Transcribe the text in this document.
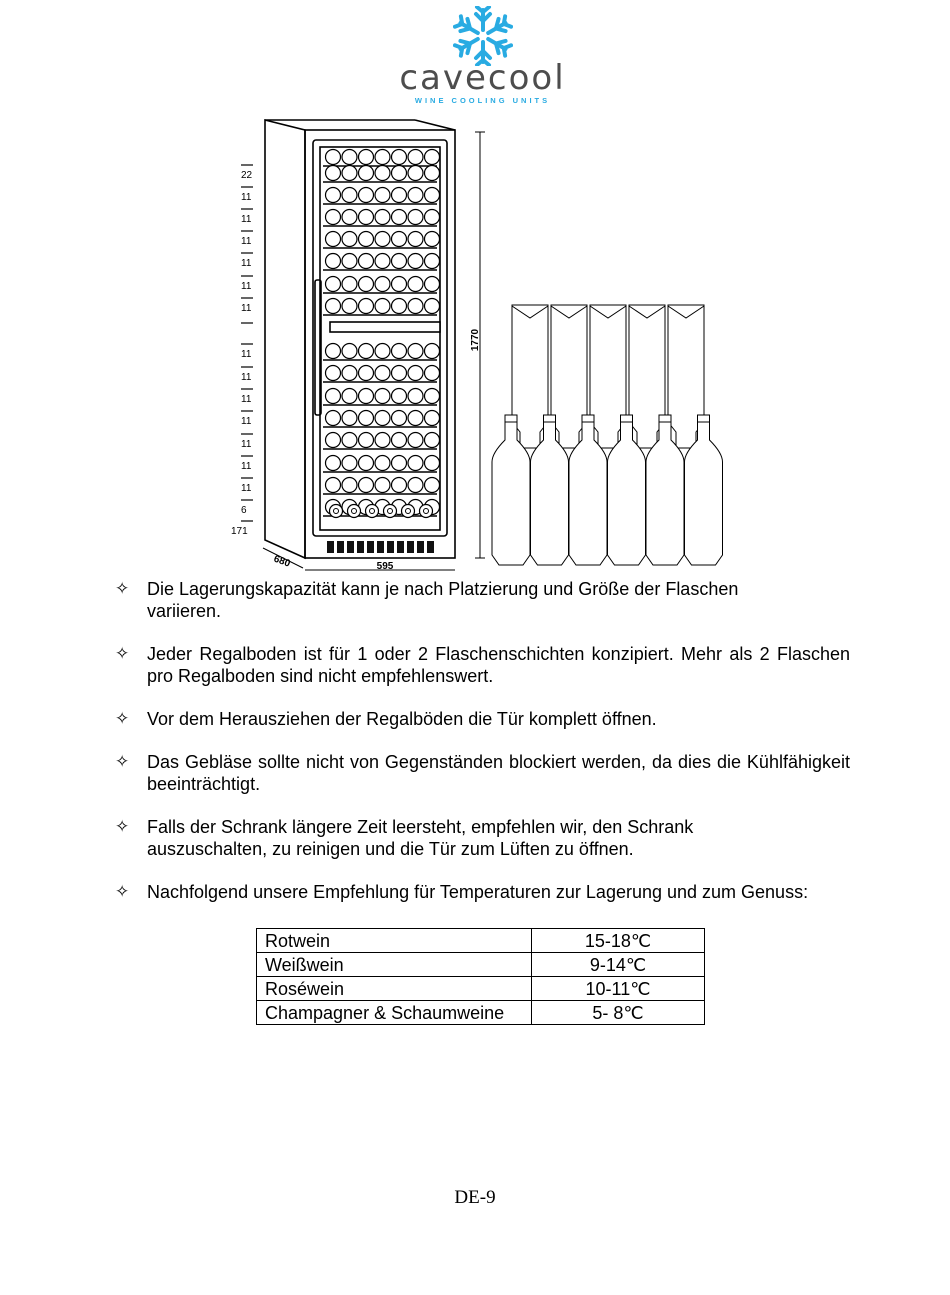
cavecool
WINE COOLING UNITS
22
11
11
11
11
11
11
11
11
11
11
11
11
11
6
171
1770
595
680
✧ Die Lagerungskapazität kann je nach Platzierung und Größe der Flaschen variieren.
✧ Jeder Regalboden ist für 1 oder 2 Flaschenschichten konzipiert. Mehr als 2 Flaschen pro Regalboden sind nicht empfehlenswert.
✧ Vor dem Herausziehen der Regalböden die Tür komplett öffnen.
✧ Das Gebläse sollte nicht von Gegenständen blockiert werden, da dies die Kühlfähigkeit beeinträchtigt.
✧ Falls der Schrank längere Zeit leersteht, empfehlen wir, den Schrank auszuschalten, zu reinigen und die Tür zum Lüften zu öffnen.
✧ Nachfolgend unsere Empfehlung für Temperaturen zur Lagerung und zum Genuss:
Rotwein	15-18℃
Weißwein	9-14℃
Roséwein	10-11℃
Champagner & Schaumweine	5- 8℃
DE-9
